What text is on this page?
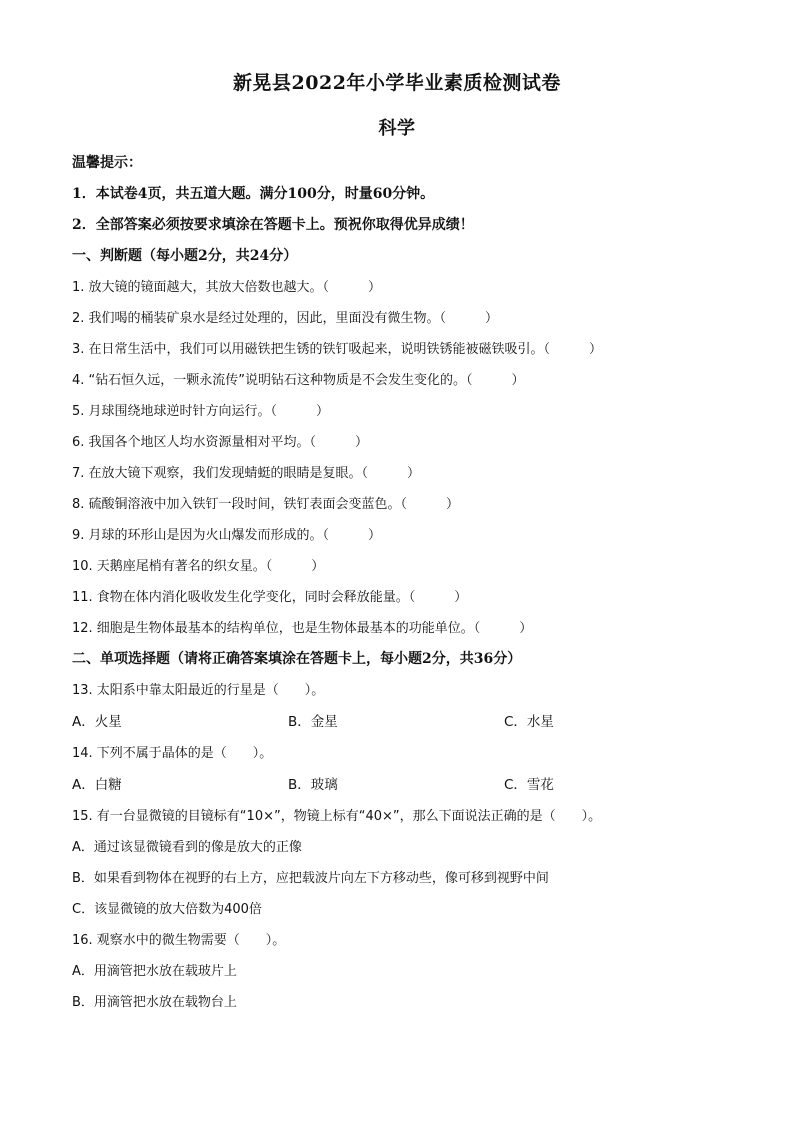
新晃县2022年小学毕业素质检测试卷
科学
温馨提示：
1．本试卷4页，共五道大题。满分100分，时量60分钟。
2．全部答案必须按要求填涂在答题卡上。预祝你取得优异成绩！
一、判断题（每小题2分，共24分）
1. 放大镜的镜面越大，其放大倍数也越大。（　　　）
2. 我们喝的桶装矿泉水是经过处理的，因此，里面没有微生物。（　　　）
3. 在日常生活中，我们可以用磁铁把生锈的铁钉吸起来，说明铁锈能被磁铁吸引。（　　　）
4. “钻石恒久远，一颗永流传”说明钻石这种物质是不会发生变化的。（　　　）
5. 月球围绕地球逆时针方向运行。（　　　）
6. 我国各个地区人均水资源量相对平均。（　　　）
7. 在放大镜下观察，我们发现蜻蜓的眼睛是复眼。（　　　）
8. 硫酸铜溶液中加入铁钉一段时间，铁钉表面会变蓝色。（　　　）
9. 月球的环形山是因为火山爆发而形成的。（　　　）
10. 天鹅座尾梢有著名的织女星。（　　　）
11. 食物在体内消化吸收发生化学变化，同时会释放能量。（　　　）
12. 细胞是生物体最基本的结构单位，也是生物体最基本的功能单位。（　　　）
二、单项选择题（请将正确答案填涂在答题卡上，每小题2分，共36分）
13. 太阳系中靠太阳最近的行星是（　　）。
A．火星	B．金星	C．水星
14. 下列不属于晶体的是（　　）。
A．白糖	B．玻璃	C．雪花
15. 有一台显微镜的目镜标有“10×”，物镜上标有“40×”，那么下面说法正确的是（　　）。
A．通过该显微镜看到的像是放大的正像
B．如果看到物体在视野的右上方，应把载波片向左下方移动些，像可移到视野中间
C．该显微镜的放大倍数为400倍
16. 观察水中的微生物需要（　　）。
A．用滴管把水放在载玻片上
B．用滴管把水放在载物台上
